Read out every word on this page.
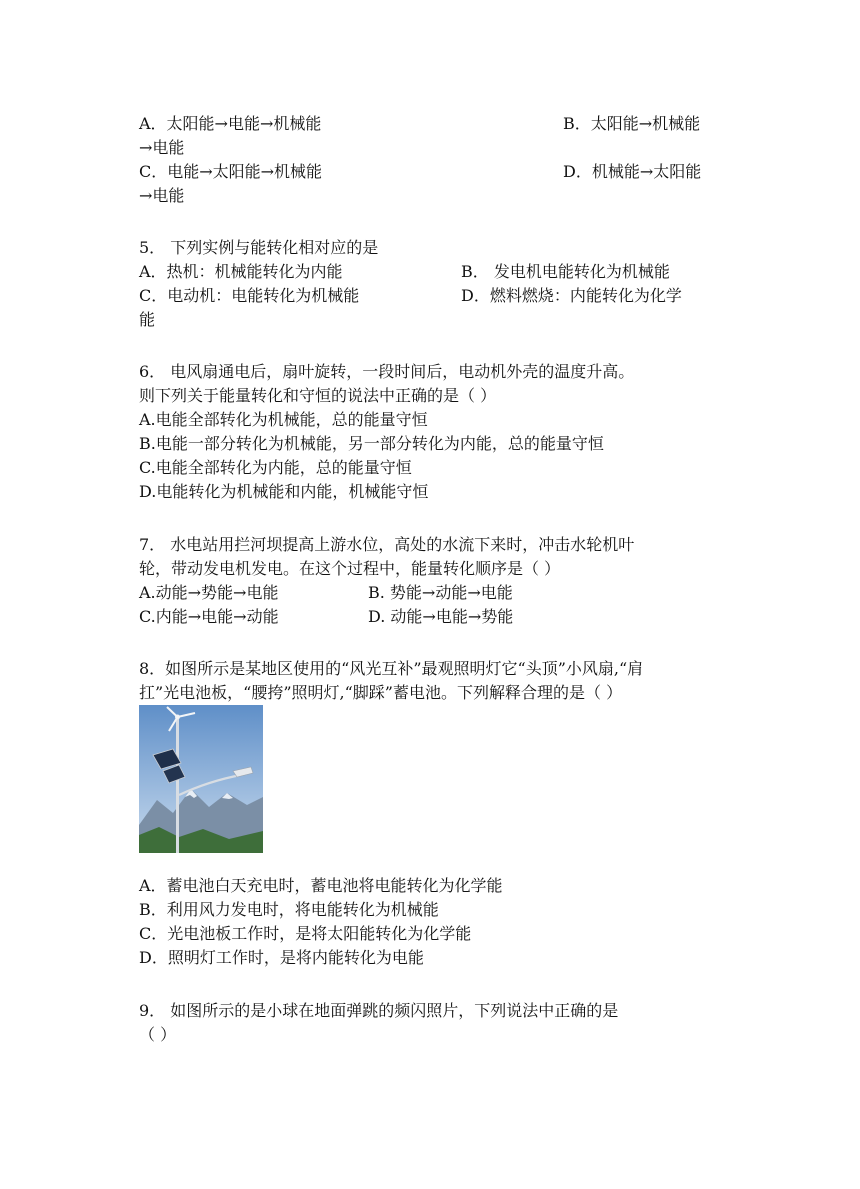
A．太阳能→电能→机械能	B．太阳能→机械能
→电能
C．电能→太阳能→机械能	D．机械能→太阳能
→电能
5． 下列实例与能转化相对应的是
A．热机：机械能转化为内能	B． 发电机电能转化为机械能
C．电动机：电能转化为机械能	D．燃料燃烧：内能转化为化学
能
6． 电风扇通电后，扇叶旋转，一段时间后，电动机外壳的温度升高。
则下列关于能量转化和守恒的说法中正确的是（ ）
A.电能全部转化为机械能，总的能量守恒
B.电能一部分转化为机械能，另一部分转化为内能，总的能量守恒
C.电能全部转化为内能，总的能量守恒
D.电能转化为机械能和内能，机械能守恒
7． 水电站用拦河坝提高上游水位，高处的水流下来时，冲击水轮机叶
轮，带动发电机发电。在这个过程中，能量转化顺序是（ ）
A.动能→势能→电能	B. 势能→动能→电能
C.内能→电能→动能	D. 动能→电能→势能
8．如图所示是某地区使用的“风光互补”最观照明灯它“头顶”小风扇,“肩
扛”光电池板，“腰挎”照明灯,“脚踩”蓄电池。下列解释合理的是（ ）
A．蓄电池白天充电时，蓄电池将电能转化为化学能
B．利用风力发电时，将电能转化为机械能
C．光电池板工作时，是将太阳能转化为化学能
D．照明灯工作时，是将内能转化为电能
9． 如图所示的是小球在地面弹跳的频闪照片，下列说法中正确的是
（ ）
